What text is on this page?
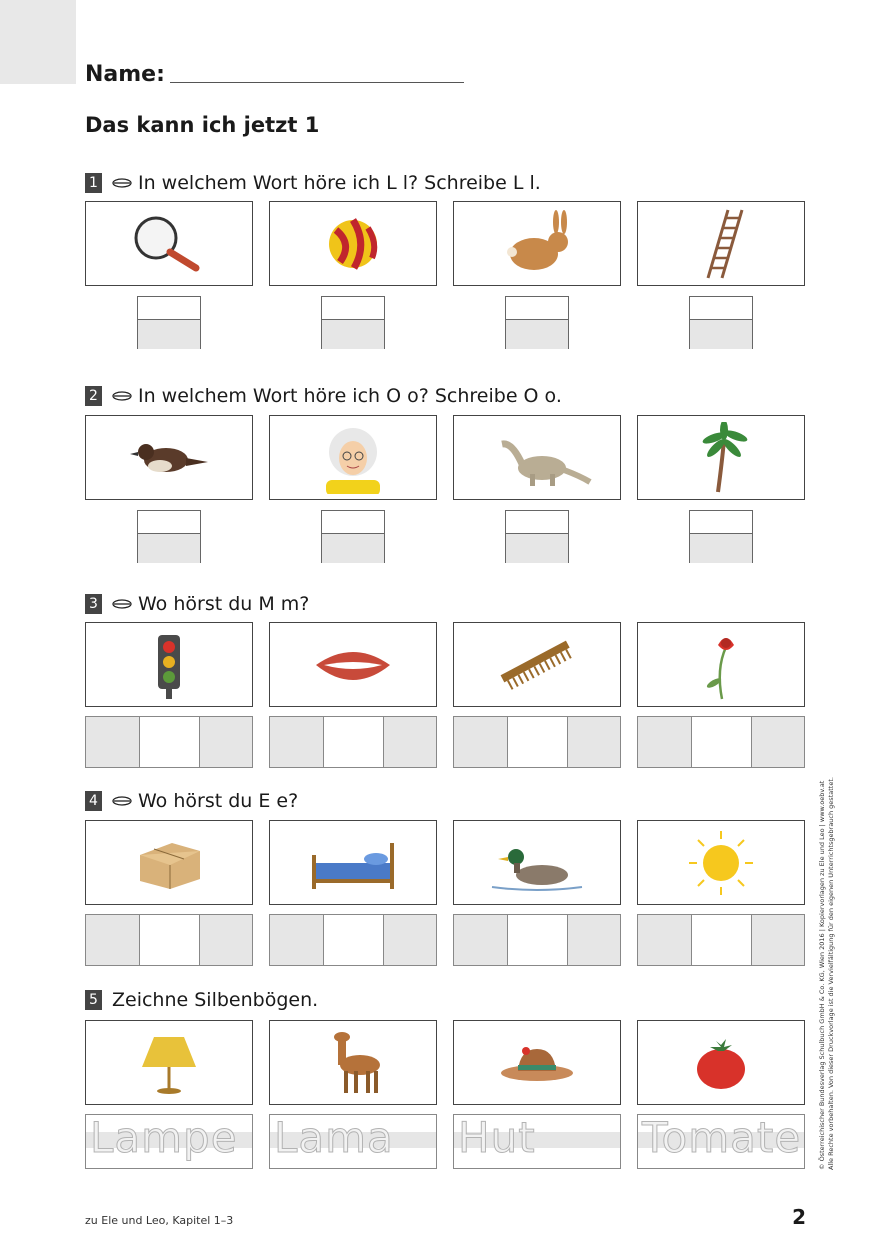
Name:
Das kann ich jetzt 1
1 In welchem Wort höre ich L l? Schreibe L l.
2 In welchem Wort höre ich O o? Schreibe O o.
3 Wo hörst du M m?
4 Wo hörst du E e?
5 Zeichne Silbenbögen.
Lampe Lama Hut	Tomate	© Österreichischer Bundesverlag Schulbuch GmbH & Co. KG, Wien 2016 | Kopiervorlagen zu Ele und Leo | www.oebv.at Alle Rechte vorbehalten. Von dieser Druckvorlage ist die Vervielfältigung für den eigenen Unterrichtsgebrauch gestattet.
zu Ele und Leo, Kapitel 1–3	2
